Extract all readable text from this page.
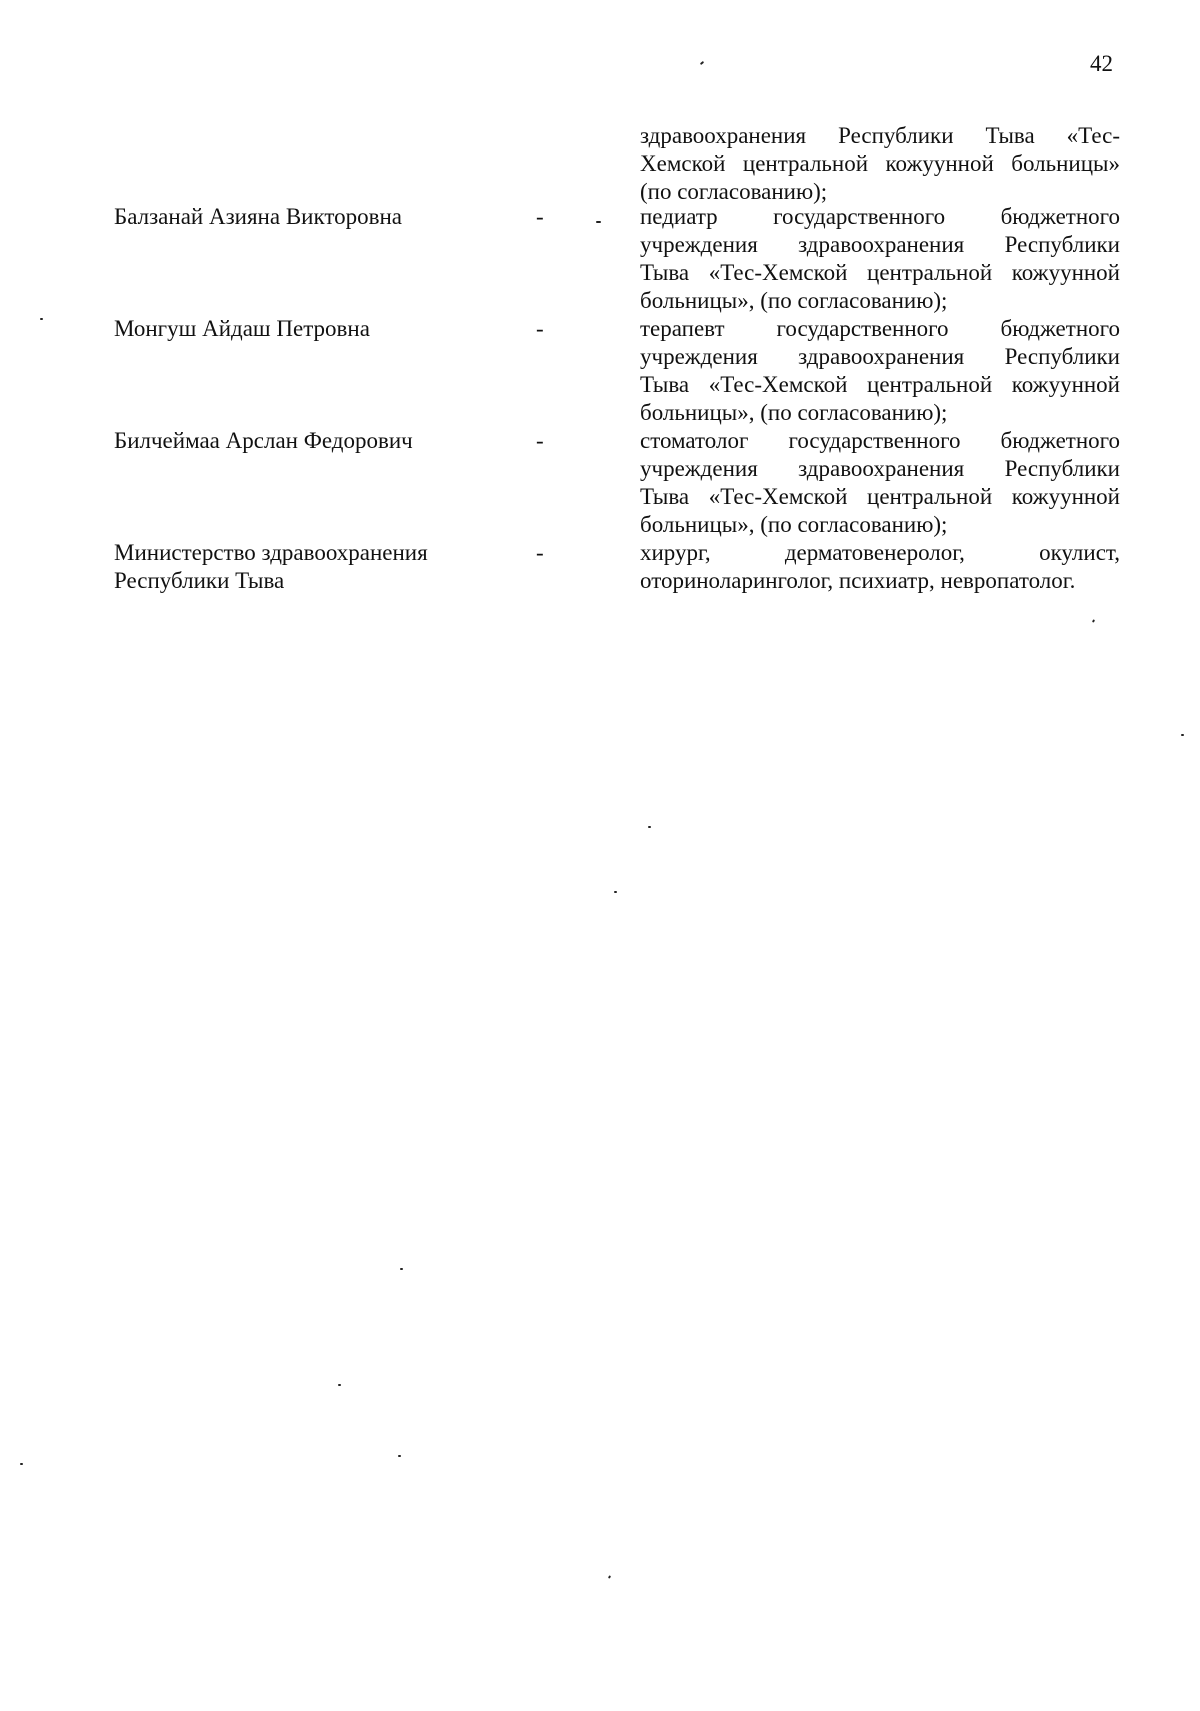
42
здравоохранения Республики Тыва «Тес-
Хемской центральной кожуунной больницы»
(по согласованию);
Балзанай Азияна Викторовна	-	педиатр государственного бюджетного
учреждения здравоохранения Республики
Тыва «Тес-Хемской центральной кожуунной
больницы», (по согласованию);
Монгуш Айдаш Петровна	-	терапевт государственного бюджетного
учреждения здравоохранения Республики
Тыва «Тес-Хемской центральной кожуунной
больницы», (по согласованию);
Билчеймаа Арслан Федорович	-	стоматолог государственного бюджетного
учреждения здравоохранения Республики
Тыва «Тес-Хемской центральной кожуунной
больницы», (по согласованию);
Министерство здравоохранения
Республики Тыва
-	хирург, дерматовенеролог, окулист,
оториноларинголог, психиатр, невропатолог.
